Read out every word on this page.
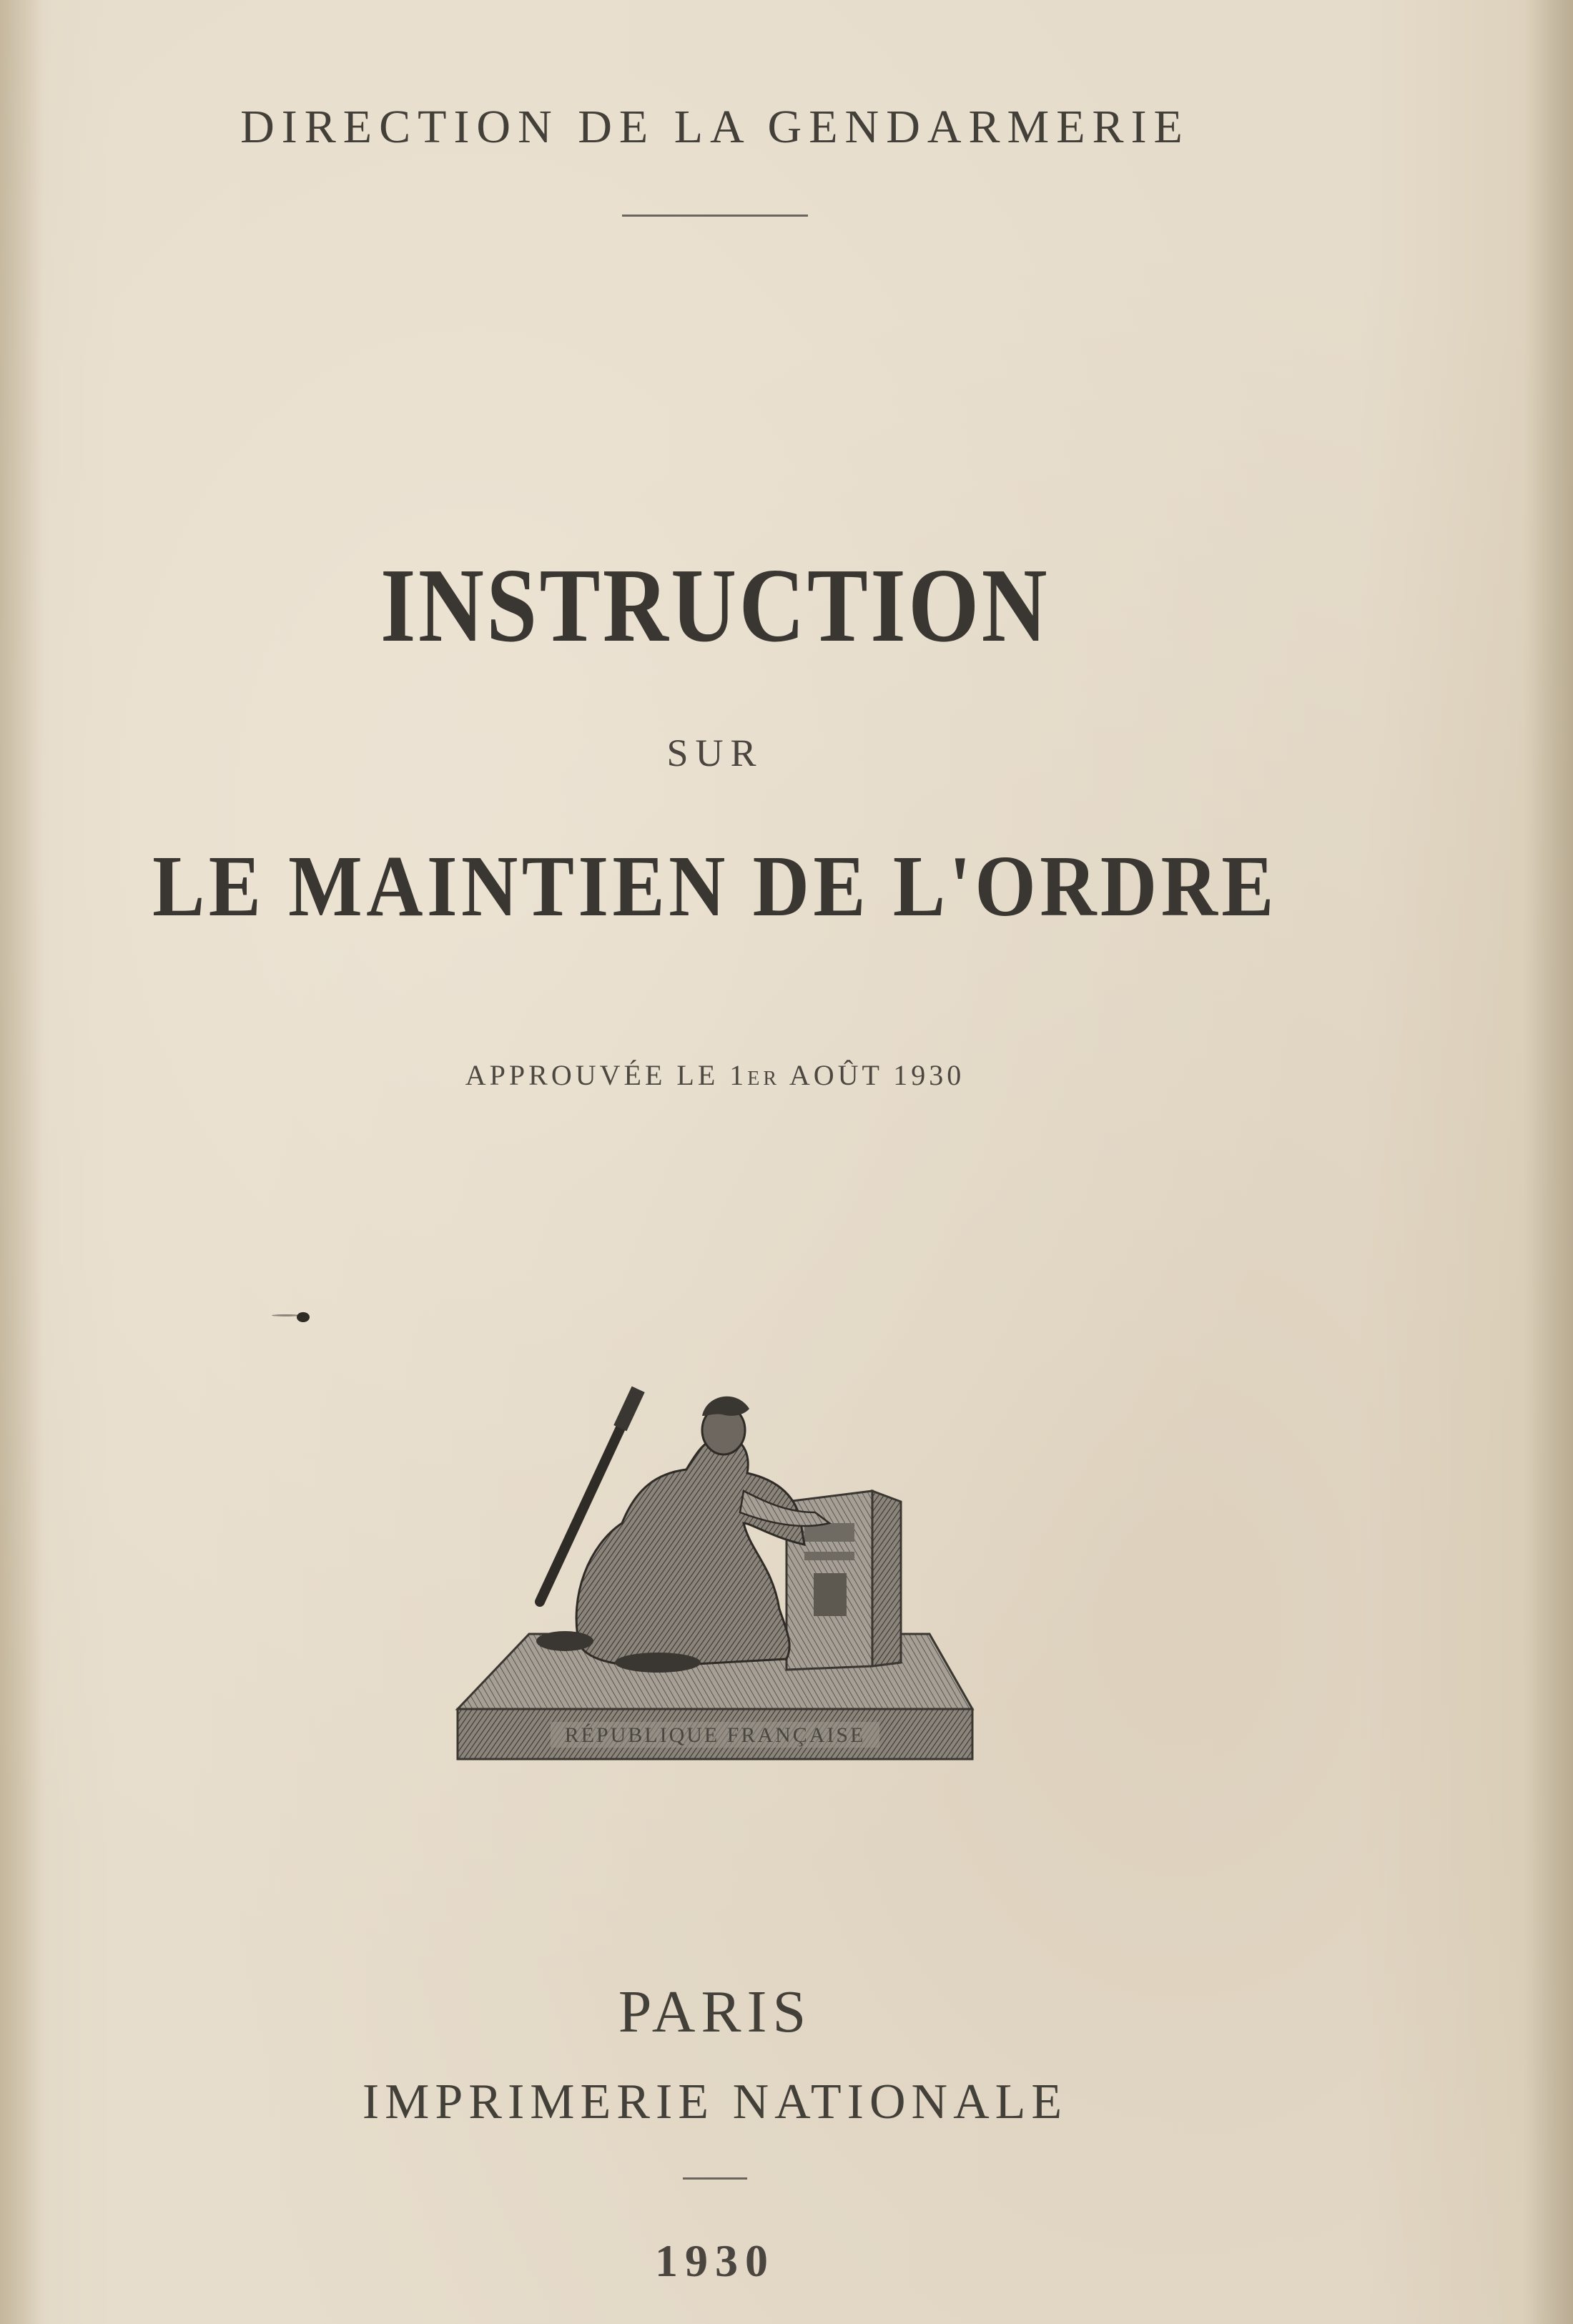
DIRECTION DE LA GENDARMERIE
INSTRUCTION
SUR
LE MAINTIEN DE L'ORDRE
APPROUVÉE LE 1er AOÛT 1930
RÉPUBLIQUE FRANÇAISE
PARIS
IMPRIMERIE NATIONALE
1930
